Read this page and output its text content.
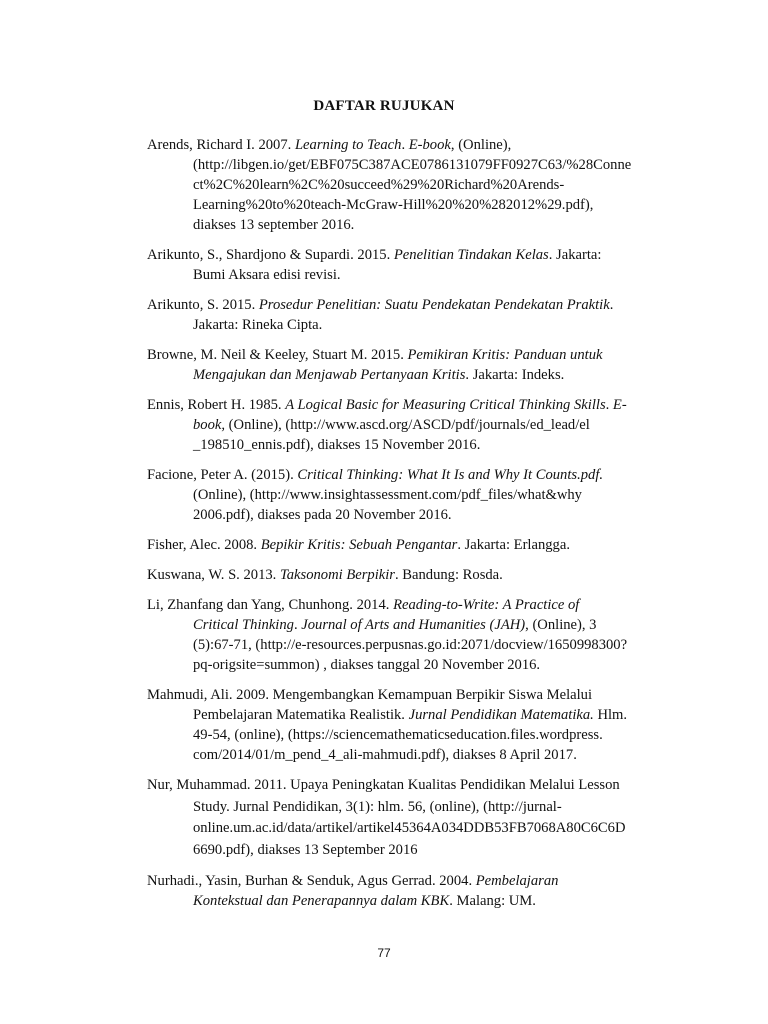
DAFTAR RUJUKAN
Arends, Richard I. 2007. Learning to Teach. E-book, (Online),
(http://libgen.io/get/EBF075C387ACE0786131079FF0927C63/%28Conne
ct%2C%20learn%2C%20succeed%29%20Richard%20Arends-
Learning%20to%20teach-McGraw-Hill%20%20%282012%29.pdf),
diakses 13 september 2016.
Arikunto, S., Shardjono & Supardi. 2015. Penelitian Tindakan Kelas. Jakarta:
Bumi Aksara edisi revisi.
Arikunto, S. 2015. Prosedur Penelitian: Suatu Pendekatan Pendekatan Praktik.
Jakarta: Rineka Cipta.
Browne, M. Neil & Keeley, Stuart M. 2015. Pemikiran Kritis: Panduan untuk
Mengajukan dan Menjawab Pertanyaan Kritis. Jakarta: Indeks.
Ennis, Robert H. 1985. A Logical Basic for Measuring Critical Thinking Skills. E-
book, (Online), (http://www.ascd.org/ASCD/pdf/journals/ed_lead/el
_198510_ennis.pdf), diakses 15 November 2016.
Facione, Peter A. (2015). Critical Thinking: What It Is and Why It Counts.pdf.
(Online), (http://www.insightassessment.com/pdf_files/what&why
2006.pdf), diakses pada 20 November 2016.
Fisher, Alec. 2008. Bepikir Kritis: Sebuah Pengantar. Jakarta: Erlangga.
Kuswana, W. S. 2013. Taksonomi Berpikir. Bandung: Rosda.
Li, Zhanfang dan Yang, Chunhong. 2014. Reading-to-Write: A Practice of
Critical Thinking. Journal of Arts and Humanities (JAH), (Online), 3
(5):67-71, (http://e-resources.perpusnas.go.id:2071/docview/1650998300?
pq-origsite=summon) , diakses tanggal 20 November 2016.
Mahmudi, Ali. 2009. Mengembangkan Kemampuan Berpikir Siswa Melalui
Pembelajaran Matematika Realistik. Jurnal Pendidikan Matematika. Hlm.
49-54, (online), (https://sciencemathematicseducation.files.wordpress.
com/2014/01/m_pend_4_ali-mahmudi.pdf), diakses 8 April 2017.
Nur, Muhammad. 2011. Upaya Peningkatan Kualitas Pendidikan Melalui Lesson
Study. Jurnal Pendidikan, 3(1): hlm. 56, (online), (http://jurnal-
online.um.ac.id/data/artikel/artikel45364A034DDB53FB7068A80C6C6D
6690.pdf), diakses 13 September 2016
Nurhadi., Yasin, Burhan & Senduk, Agus Gerrad. 2004. Pembelajaran
Kontekstual dan Penerapannya dalam KBK. Malang: UM.
77
